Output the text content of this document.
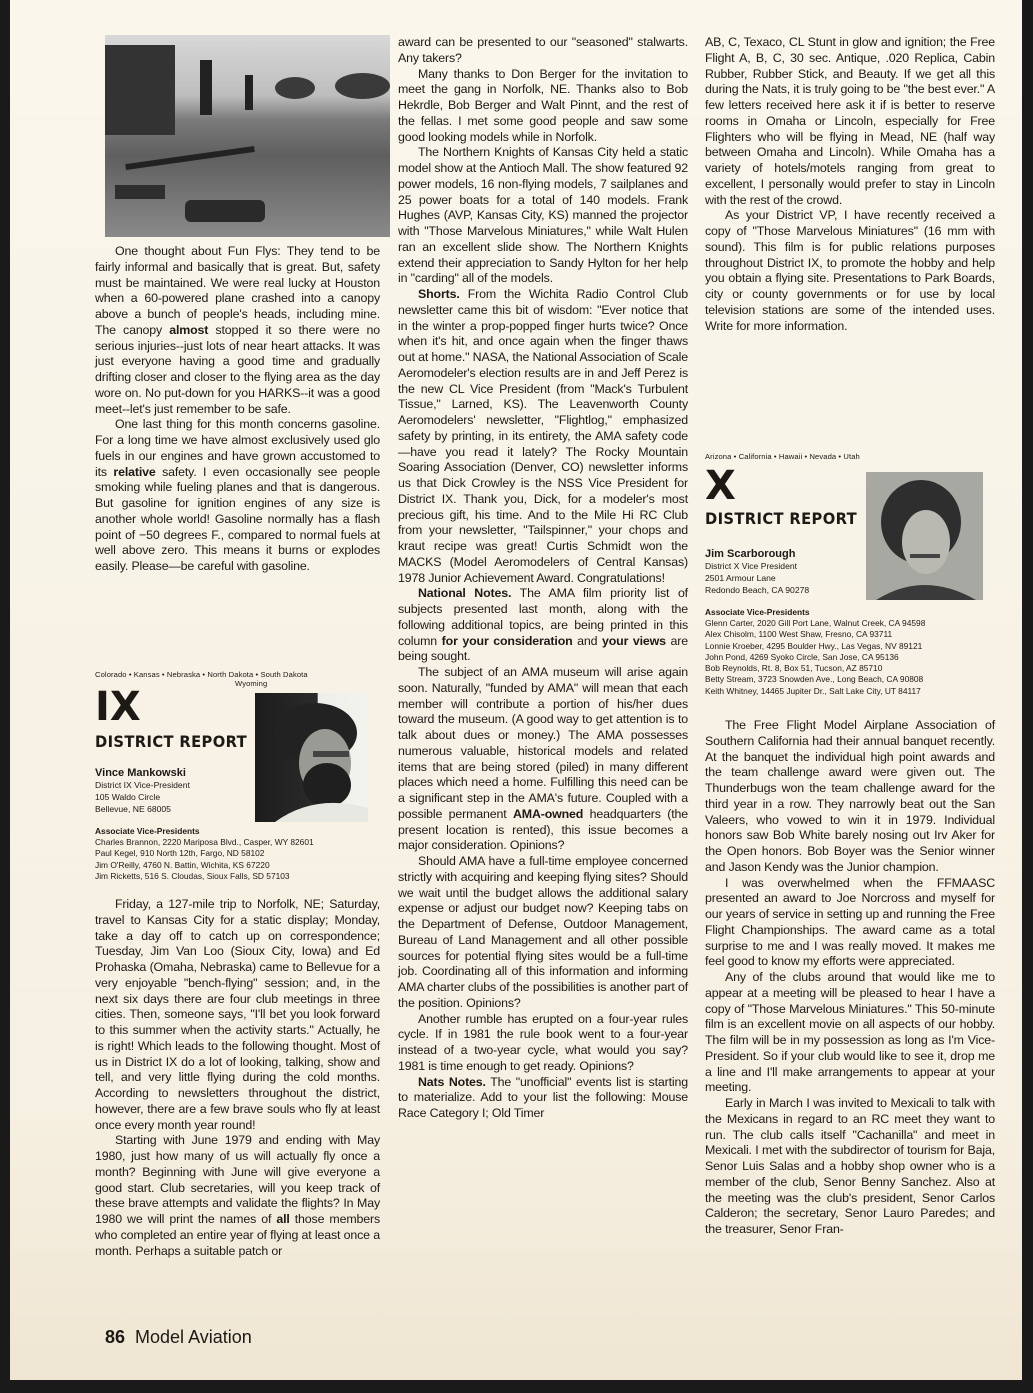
One thought about Fun Flys: They tend to be fairly informal and basically that is great. But, safety must be maintained. We were real lucky at Houston when a 60-powered plane crashed into a canopy above a bunch of people's heads, including mine. The canopy almost stopped it so there were no serious injuries--just lots of near heart attacks. It was just everyone having a good time and gradually drifting closer and closer to the flying area as the day wore on. No put-down for you HARKS--it was a good meet--let's just remember to be safe.

One last thing for this month concerns gasoline. For a long time we have almost exclusively used glo fuels in our engines and have grown accustomed to its relative safety. I even occasionally see people smoking while fueling planes and that is dangerous. But gasoline for ignition engines of any size is another whole world! Gasoline normally has a flash point of −50 degrees F., compared to normal fuels at well above zero. This means it burns or explodes easily. Please—be careful with gasoline.

Colorado • Kansas • Nebraska • North Dakota • South Dakota
Wyoming
IX
DISTRICT REPORT
Vince Mankowski
District IX Vice-President
105 Waldo Circle
Bellevue, NE 68005
Associate Vice-Presidents
Charles Brannon, 2220 Mariposa Blvd., Casper, WY 82601
Paul Kegel, 910 North 12th, Fargo, ND 58102
Jim O'Reilly, 4760 N. Battin, Wichita, KS 67220
Jim Ricketts, 516 S. Cloudas, Sioux Falls, SD 57103

Friday, a 127-mile trip to Norfolk, NE; Saturday, travel to Kansas City for a static display; Monday, take a day off to catch up on correspondence; Tuesday, Jim Van Loo (Sioux City, Iowa) and Ed Prohaska (Omaha, Nebraska) came to Bellevue for a very enjoyable "bench-flying" session; and, in the next six days there are four club meetings in three cities. Then, someone says, "I'll bet you look forward to this summer when the activity starts." Actually, he is right! Which leads to the following thought. Most of us in District IX do a lot of looking, talking, show and tell, and very little flying during the cold months. According to newsletters throughout the district, however, there are a few brave souls who fly at least once every month year round!

Starting with June 1979 and ending with May 1980, just how many of us will actually fly once a month? Beginning with June will give everyone a good start. Club secretaries, will you keep track of these brave attempts and validate the flights? In May 1980 we will print the names of all those members who completed an entire year of flying at least once a month. Perhaps a suitable patch or

award can be presented to our "seasoned" stalwarts. Any takers?

Many thanks to Don Berger for the invitation to meet the gang in Norfolk, NE. Thanks also to Bob Hekrdle, Bob Berger and Walt Pinnt, and the rest of the fellas. I met some good people and saw some good looking models while in Norfolk.

The Northern Knights of Kansas City held a static model show at the Antioch Mall. The show featured 92 power models, 16 non-flying models, 7 sailplanes and 25 power boats for a total of 140 models. Frank Hughes (AVP, Kansas City, KS) manned the projector with "Those Marvelous Miniatures," while Walt Hulen ran an excellent slide show. The Northern Knights extend their appreciation to Sandy Hylton for her help in "carding" all of the models.

Shorts. From the Wichita Radio Control Club newsletter came this bit of wisdom: "Ever notice that in the winter a prop-popped finger hurts twice? Once when it's hit, and once again when the finger thaws out at home." NASA, the National Association of Scale Aeromodeler's election results are in and Jeff Perez is the new CL Vice President (from "Mack's Turbulent Tissue," Larned, KS). The Leavenworth County Aeromodelers' newsletter, "Flightlog," emphasized safety by printing, in its entirety, the AMA safety code—have you read it lately? The Rocky Mountain Soaring Association (Denver, CO) newsletter informs us that Dick Crowley is the NSS Vice President for District IX. Thank you, Dick, for a modeler's most precious gift, his time. And to the Mile Hi RC Club from your newsletter, "Tailspinner," your chops and kraut recipe was great! Curtis Schmidt won the MACKS (Model Aeromodelers of Central Kansas) 1978 Junior Achievement Award. Congratulations!

National Notes. The AMA film priority list of subjects presented last month, along with the following additional topics, are being printed in this column for your consideration and your views are being sought.

The subject of an AMA museum will arise again soon. Naturally, "funded by AMA" will mean that each member will contribute a portion of his/her dues toward the museum. (A good way to get attention is to talk about dues or money.) The AMA possesses numerous valuable, historical models and related items that are being stored (piled) in many different places which need a home. Fulfilling this need can be a significant step in the AMA's future. Coupled with a possible permanent AMA-owned headquarters (the present location is rented), this issue becomes a major consideration. Opinions?

Should AMA have a full-time employee concerned strictly with acquiring and keeping flying sites? Should we wait until the budget allows the additional salary expense or adjust our budget now? Keeping tabs on the Department of Defense, Outdoor Management, Bureau of Land Management and all other possible sources for potential flying sites would be a full-time job. Coordinating all of this information and informing AMA charter clubs of the possibilities is another part of the position. Opinions?

Another rumble has erupted on a four-year rules cycle. If in 1981 the rule book went to a four-year instead of a two-year cycle, what would you say? 1981 is time enough to get ready. Opinions?

Nats Notes. The "unofficial" events list is starting to materialize. Add to your list the following: Mouse Race Category I; Old Timer

AB, C, Texaco, CL Stunt in glow and ignition; the Free Flight A, B, C, 30 sec. Antique, .020 Replica, Cabin Rubber, Rubber Stick, and Beauty. If we get all this during the Nats, it is truly going to be "the best ever." A few letters received here ask it if is better to reserve rooms in Omaha or Lincoln, especially for Free Flighters who will be flying in Mead, NE (half way between Omaha and Lincoln). While Omaha has a variety of hotels/motels ranging from great to excellent, I personally would prefer to stay in Lincoln with the rest of the crowd.

As your District VP, I have recently received a copy of "Those Marvelous Miniatures" (16 mm with sound). This film is for public relations purposes throughout District IX, to promote the hobby and help you obtain a flying site. Presentations to Park Boards, city or county governments or for use by local television stations are some of the intended uses. Write for more information.

Arizona • California • Hawaii • Nevada • Utah
X
DISTRICT REPORT
Jim Scarborough
District X Vice President
2501 Armour Lane
Redondo Beach, CA 90278
Associate Vice-Presidents
Glenn Carter, 2020 Gill Port Lane, Walnut Creek, CA 94598
Alex Chisolm, 1100 West Shaw, Fresno, CA 93711
Lonnie Kroeber, 4295 Boulder Hwy., Las Vegas, NV 89121
John Pond, 4269 Syoko Circle, San Jose, CA 95136
Bob Reynolds, Rt. 8, Box 51, Tucson, AZ 85710
Betty Stream, 3723 Snowden Ave., Long Beach, CA 90808
Keith Whitney, 14465 Jupiter Dr., Salt Lake City, UT 84117

The Free Flight Model Airplane Association of Southern California had their annual banquet recently. At the banquet the individual high point awards and the team challenge award were given out. The Thunderbugs won the team challenge award for the third year in a row. They narrowly beat out the San Valeers, who vowed to win it in 1979. Individual honors saw Bob White barely nosing out Irv Aker for the Open honors. Bob Boyer was the Senior winner and Jason Kendy was the Junior champion.

I was overwhelmed when the FFMAASC presented an award to Joe Norcross and myself for our years of service in setting up and running the Free Flight Championships. The award came as a total surprise to me and I was really moved. It makes me feel good to know my efforts were appreciated.

Any of the clubs around that would like me to appear at a meeting will be pleased to hear I have a copy of "Those Marvelous Miniatures." This 50-minute film is an excellent movie on all aspects of our hobby. The film will be in my possession as long as I'm Vice-President. So if your club would like to see it, drop me a line and I'll make arrangements to appear at your meeting.

Early in March I was invited to Mexicali to talk with the Mexicans in regard to an RC meet they want to run. The club calls itself "Cachanilla" and meet in Mexicali. I met with the subdirector of tourism for Baja, Senor Luis Salas and a hobby shop owner who is a member of the club, Senor Benny Sanchez. Also at the meeting was the club's president, Senor Carlos Calderon; the secretary, Senor Lauro Paredes; and the treasurer, Senor Fran-

86 Model Aviation
